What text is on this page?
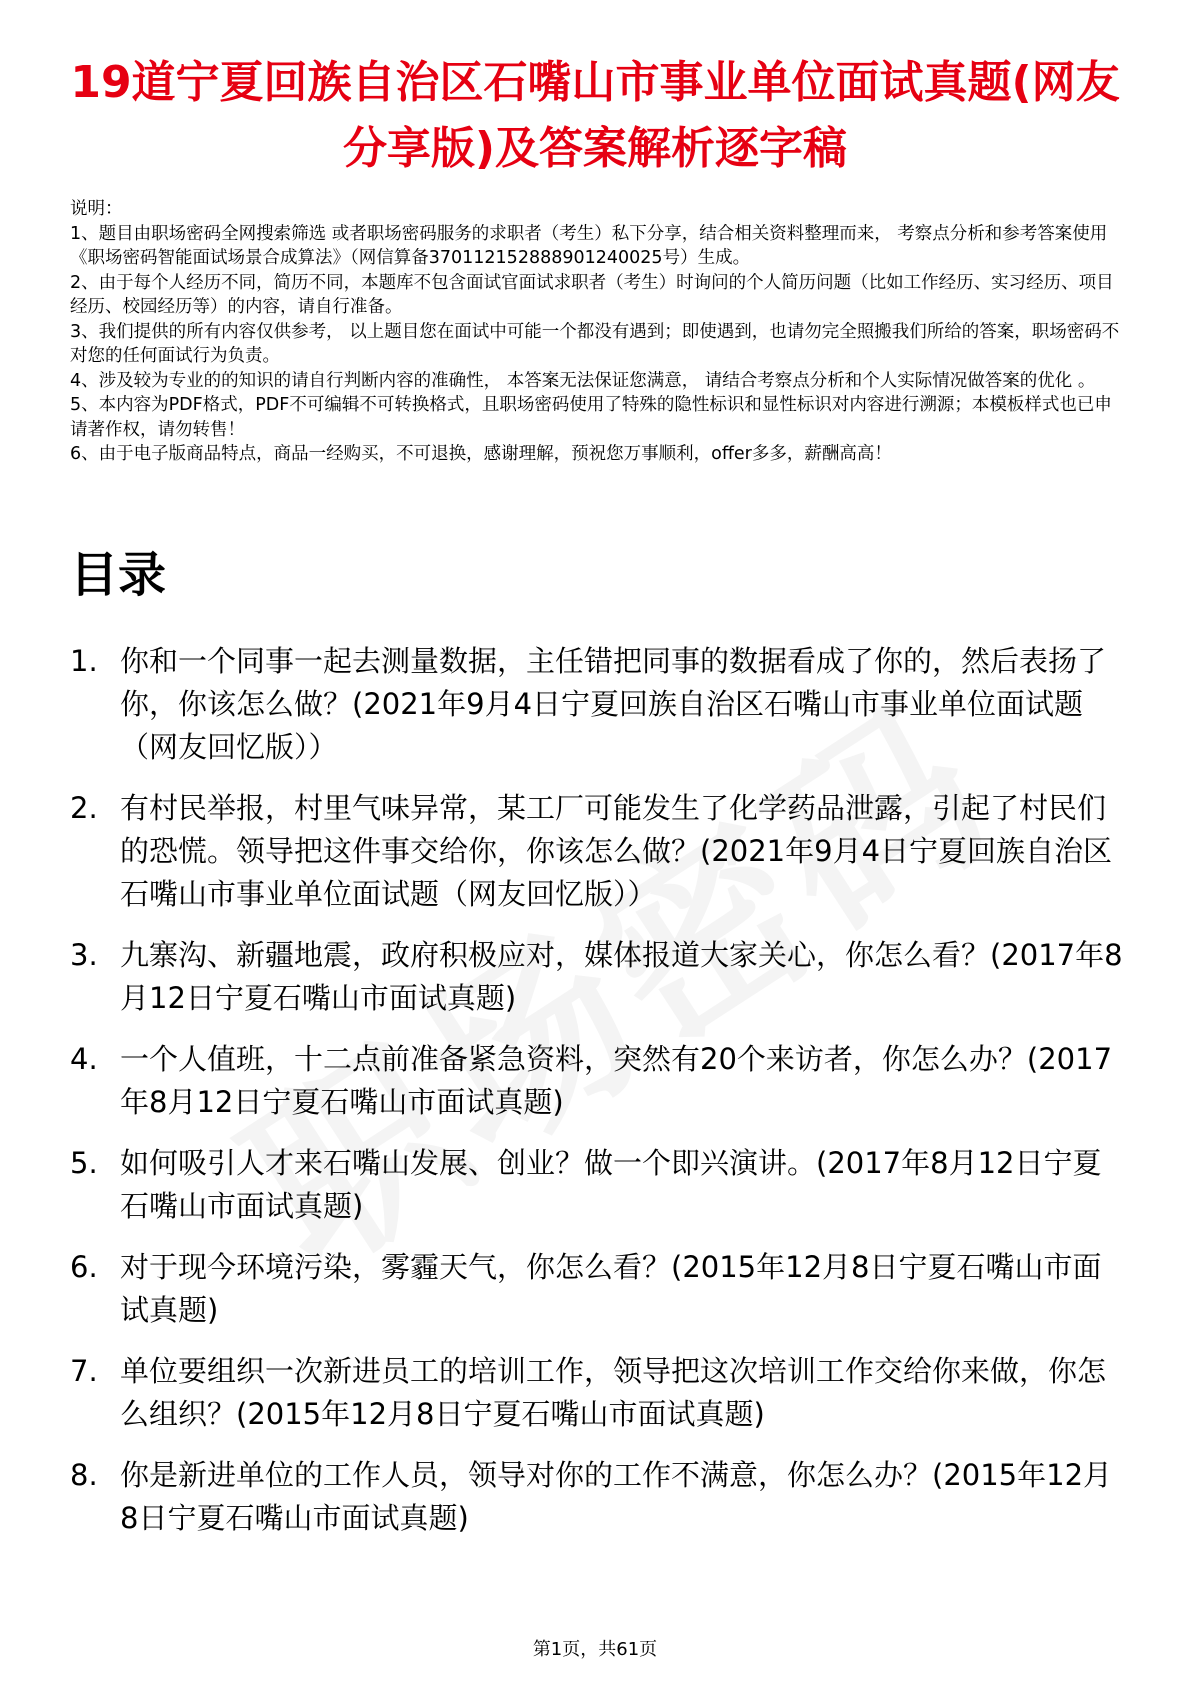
19道宁夏回族自治区石嘴山市事业单位面试真题(网友分享版)及答案解析逐字稿

说明：

1、题目由职场密码全网搜索筛选 或者职场密码服务的求职者（考生）私下分享，结合相关资料整理而来， 考察点分析和参考答案使用《职场密码智能面试场景合成算法》（网信算备370112152888901240025号）生成。

2、由于每个人经历不同，简历不同，本题库不包含面试官面试求职者（考生）时询问的个人简历问题（比如工作经历、实习经历、项目经历、校园经历等）的内容，请自行准备。

3、我们提供的所有内容仅供参考， 以上题目您在面试中可能一个都没有遇到；即使遇到，也请勿完全照搬我们所给的答案，职场密码不对您的任何面试行为负责。

4、涉及较为专业的的知识的请自行判断内容的准确性， 本答案无法保证您满意， 请结合考察点分析和个人实际情况做答案的优化 。

5、本内容为PDF格式，PDF不可编辑不可转换格式，且职场密码使用了特殊的隐性标识和显性标识对内容进行溯源；本模板样式也已申请著作权，请勿转售！

6、由于电子版商品特点，商品一经购买，不可退换，感谢理解，预祝您万事顺利，offer多多，薪酬高高！

目录
1. 你和一个同事一起去测量数据，主任错把同事的数据看成了你的，然后表扬了你，你该怎么做？(2021年9月4日宁夏回族自治区石嘴山市事业单位面试题（网友回忆版））
2. 有村民举报，村里气味异常，某工厂可能发生了化学药品泄露，引起了村民们的恐慌。领导把这件事交给你，你该怎么做？(2021年9月4日宁夏回族自治区石嘴山市事业单位面试题（网友回忆版））
3. 九寨沟、新疆地震，政府积极应对，媒体报道大家关心，你怎么看？(2017年8月12日宁夏石嘴山市面试真题)
4. 一个人值班，十二点前准备紧急资料，突然有20个来访者，你怎么办？(2017年8月12日宁夏石嘴山市面试真题)
5. 如何吸引人才来石嘴山发展、创业？做一个即兴演讲。(2017年8月12日宁夏石嘴山市面试真题)
6. 对于现今环境污染，雾霾天气，你怎么看？(2015年12月8日宁夏石嘴山市面试真题)
7. 单位要组织一次新进员工的培训工作，领导把这次培训工作交给你来做，你怎么组织？(2015年12月8日宁夏石嘴山市面试真题)
8. 你是新进单位的工作人员，领导对你的工作不满意，你怎么办？(2015年12月8日宁夏石嘴山市面试真题)
第1页，共61页
